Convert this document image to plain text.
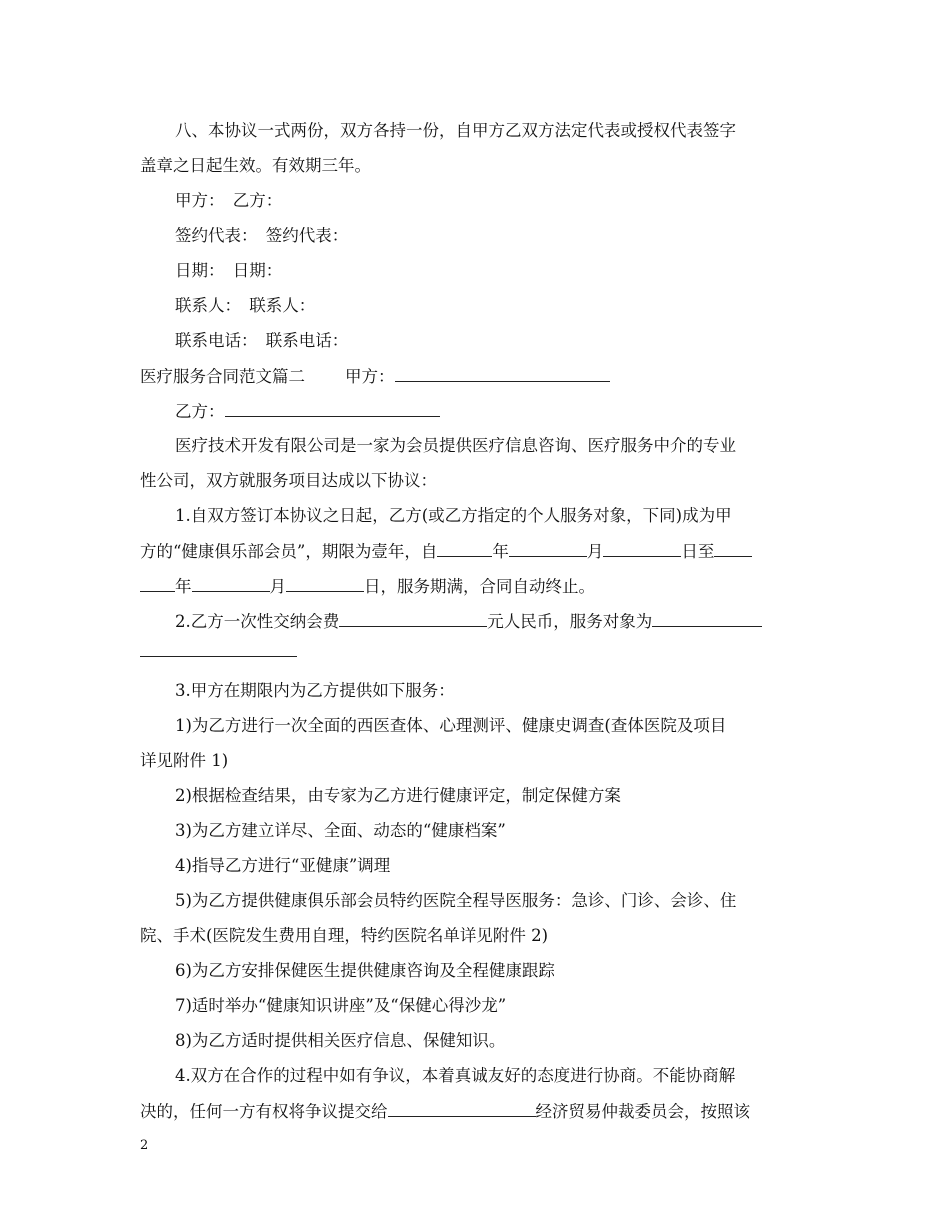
八、本协议一式两份，双方各持一份，自甲方乙双方法定代表或授权代表签字
盖章之日起生效。有效期三年。
甲方：　乙方：
签约代表：　签约代表：
日期：　日期：
联系人：　联系人：
联系电话：　联系电话：
医疗服务合同范文篇二 甲方：
乙方：
医疗技术开发有限公司是一家为会员提供医疗信息咨询、医疗服务中介的专业
性公司，双方就服务项目达成以下协议：
1.自双方签订本协议之日起，乙方(或乙方指定的个人服务对象，下同)成为甲
方的“健康俱乐部会员”，期限为壹年，自	年	月	日至
年	月	日，服务期满，合同自动终止。
2.乙方一次性交纳会费	元人民币，服务对象为
3.甲方在期限内为乙方提供如下服务：
1)为乙方进行一次全面的西医查体、心理测评、健康史调查(查体医院及项目
详见附件 1)
2)根据检查结果，由专家为乙方进行健康评定，制定保健方案
3)为乙方建立详尽、全面、动态的“健康档案”
4)指导乙方进行“亚健康”调理
5)为乙方提供健康俱乐部会员特约医院全程导医服务：急诊、门诊、会诊、住
院、手术(医院发生费用自理，特约医院名单详见附件 2)
6)为乙方安排保健医生提供健康咨询及全程健康跟踪
7)适时举办“健康知识讲座”及“保健心得沙龙”
8)为乙方适时提供相关医疗信息、保健知识。
4.双方在合作的过程中如有争议，本着真诚友好的态度进行协商。不能协商解
决的，任何一方有权将争议提交给	经济贸易仲裁委员会，按照该
2
